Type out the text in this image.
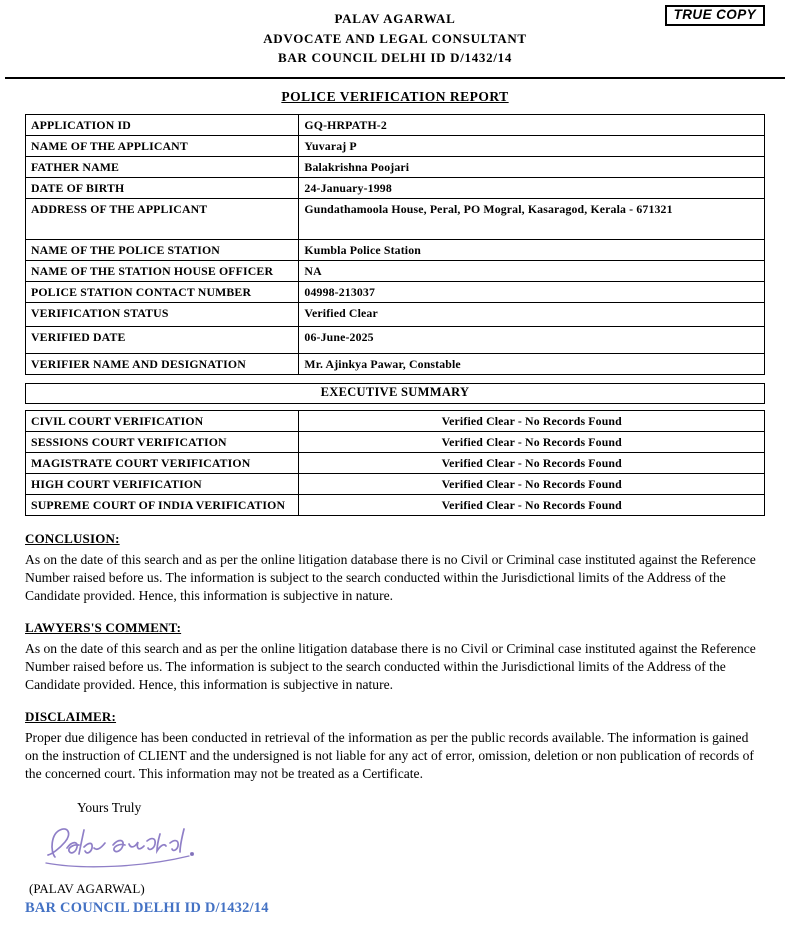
PALAV AGARWAL
ADVOCATE AND LEGAL CONSULTANT
BAR COUNCIL DELHI ID D/1432/14
TRUE COPY
POLICE VERIFICATION REPORT
APPLICATION ID	GQ-HRPATH-2
NAME OF THE APPLICANT	Yuvaraj P
FATHER NAME	Balakrishna Poojari
DATE OF BIRTH	24-January-1998
ADDRESS OF THE APPLICANT	Gundathamoola House, Peral, PO Mogral, Kasaragod, Kerala - 671321
NAME OF THE POLICE STATION	Kumbla Police Station
NAME OF THE STATION HOUSE OFFICER	NA
POLICE STATION CONTACT NUMBER	04998-213037
VERIFICATION STATUS	Verified Clear
VERIFIED DATE	06-June-2025
VERIFIER NAME AND DESIGNATION	Mr. Ajinkya Pawar, Constable
EXECUTIVE SUMMARY
CIVIL COURT VERIFICATION	Verified Clear - No Records Found
SESSIONS COURT VERIFICATION	Verified Clear - No Records Found
MAGISTRATE COURT VERIFICATION	Verified Clear - No Records Found
HIGH COURT VERIFICATION	Verified Clear - No Records Found
SUPREME COURT OF INDIA VERIFICATION	Verified Clear - No Records Found
CONCLUSION:

As on the date of this search and as per the online litigation database there is no Civil or Criminal case instituted against the Reference Number raised before us. The information is subject to the search conducted within the Jurisdictional limits of the Address of the Candidate provided. Hence, this information is subjective in nature.

LAWYERS'S COMMENT:

As on the date of this search and as per the online litigation database there is no Civil or Criminal case instituted against the Reference Number raised before us. The information is subject to the search conducted within the Jurisdictional limits of the Address of the Candidate provided. Hence, this information is subjective in nature.

DISCLAIMER:

Proper due diligence has been conducted in retrieval of the information as per the public records available. The information is gained on the instruction of CLIENT and the undersigned is not liable for any act of error, omission, deletion or non publication of records of the concerned court. This information may not be treated as a Certificate.

Yours Truly
(PALAV AGARWAL)
BAR COUNCIL DELHI ID D/1432/14
